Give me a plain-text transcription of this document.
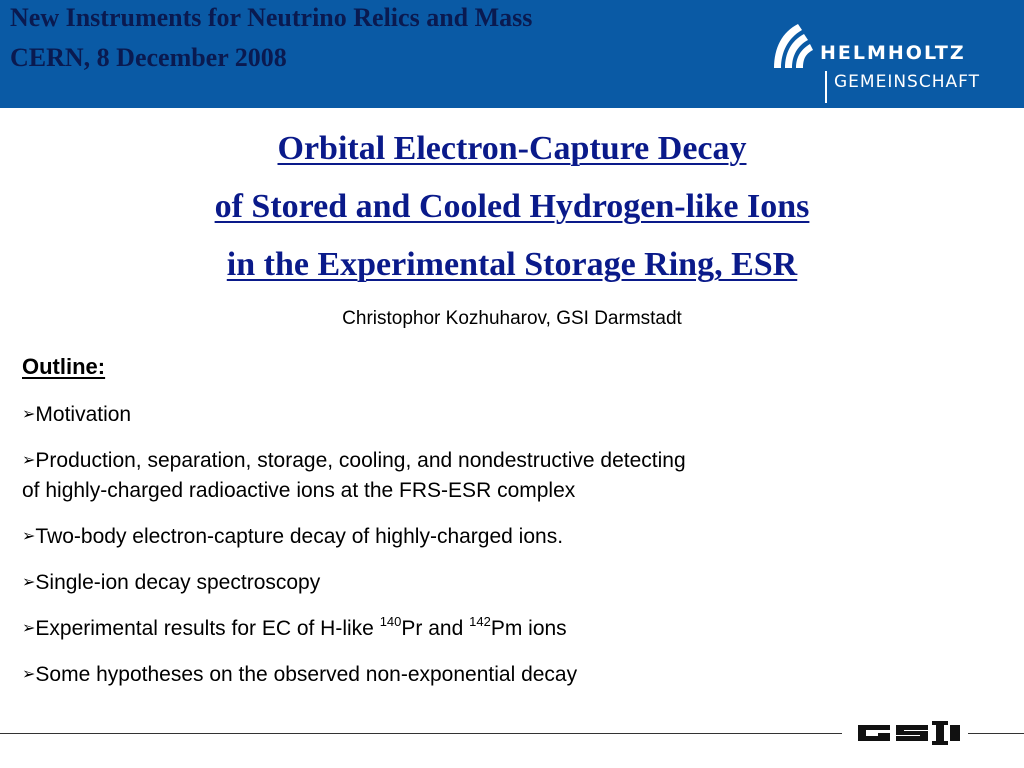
New Instruments for Neutrino Relics and Mass

CERN, 8 December 2008	HELMHOLTZ
GEMEINSCHAFT

Orbital Electron-Capture Decay

of Stored and Cooled Hydrogen-like Ions

in the Experimental Storage Ring, ESR

Christophor Kozhuharov, GSI Darmstadt
Outline:
➢Motivation
➢Production, separation, storage, cooling, and nondestructive detecting
of highly-charged radioactive ions at the FRS-ESR complex
➢Two-body electron-capture decay of highly-charged ions.
➢Single-ion decay spectroscopy
➢Experimental results for EC of H-like $^{140}$Pr and $^{142}$Pm ions
➢Some hypotheses on the observed non-exponential decay
